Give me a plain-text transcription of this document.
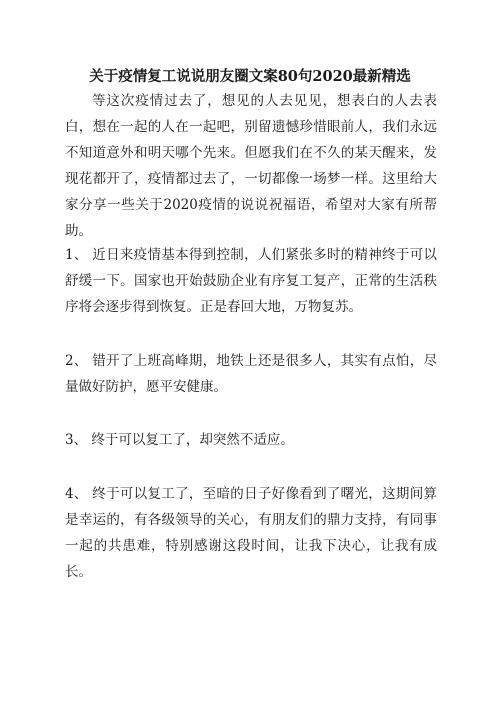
关于疫情复工说说朋友圈文案80句2020最新精选

等这次疫情过去了，想见的人去见见，想表白的人去表白，想在一起的人在一起吧，别留遗憾珍惜眼前人，我们永远不知道意外和明天哪个先来。但愿我们在不久的某天醒来，发现花都开了，疫情都过去了，一切都像一场梦一样。这里给大家分享一些关于2020疫情的说说祝福语，希望对大家有所帮助。

1、 近日来疫情基本得到控制，人们紧张多时的精神终于可以舒缓一下。国家也开始鼓励企业有序复工复产，正常的生活秩序将会逐步得到恢复。正是春回大地，万物复苏。

2、 错开了上班高峰期，地铁上还是很多人，其实有点怕，尽量做好防护，愿平安健康。

3、 终于可以复工了，却突然不适应。

4、 终于可以复工了，至暗的日子好像看到了曙光，这期间算是幸运的，有各级领导的关心，有朋友们的鼎力支持，有同事一起的共患难，特别感谢这段时间，让我下决心，让我有成长。
